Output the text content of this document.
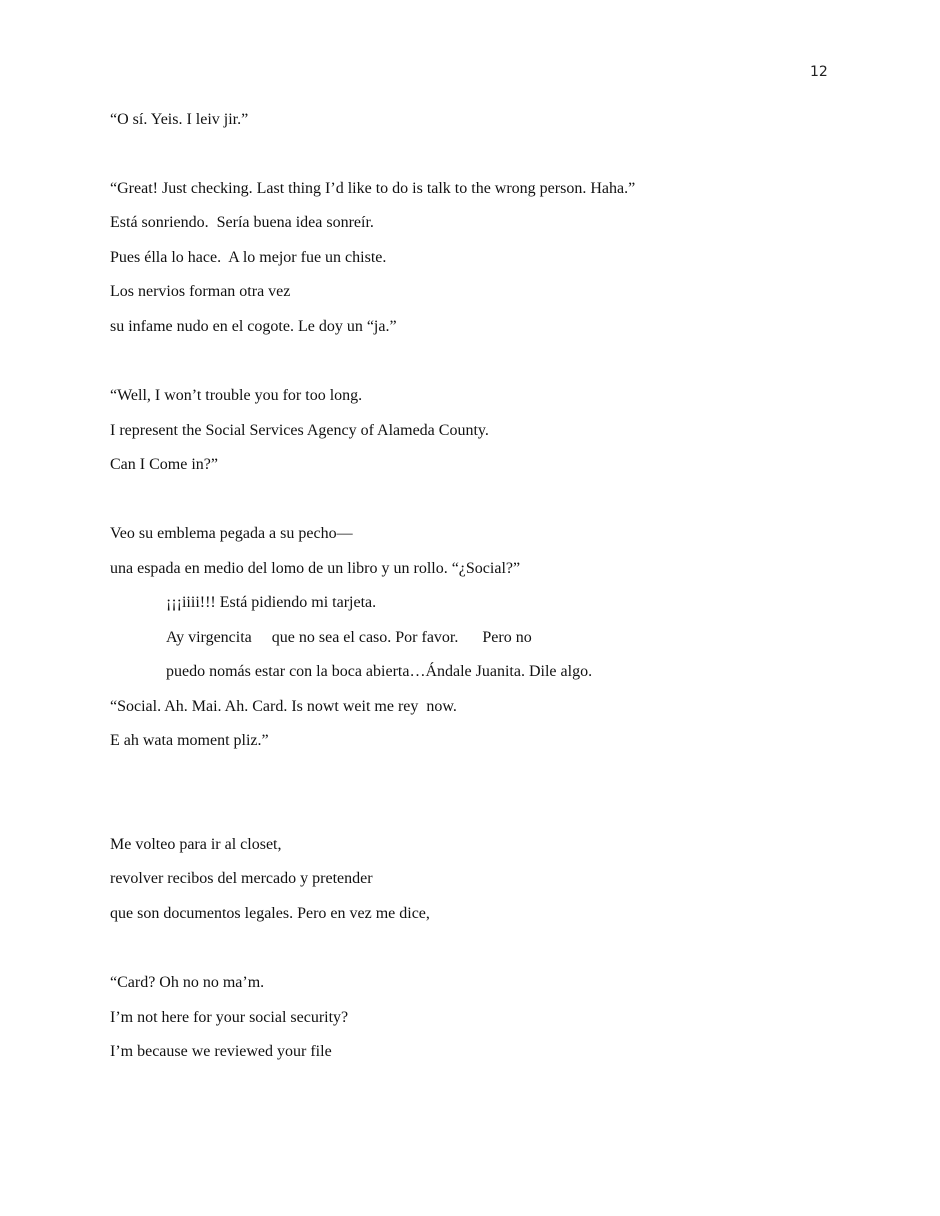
12
“O sí. Yeis. I leiv jir.”
“Great! Just checking. Last thing I’d like to do is talk to the wrong person. Haha.”
Está sonriendo.  Sería buena idea sonreír.
Pues élla lo hace.  A lo mejor fue un chiste.
Los nervios forman otra vez
su infame nudo en el cogote. Le doy un “ja.”
“Well, I won’t trouble you for too long.
I represent the Social Services Agency of Alameda County.
Can I Come in?”
Veo su emblema pegada a su pecho—
una espada en medio del lomo de un libro y un rollo. “¿Social?”
¡¡¡iiii!!! Está pidiendo mi tarjeta.
Ay virgencita     que no sea el caso. Por favor.      Pero no
puedo nomás estar con la boca abierta…Ándale Juanita. Dile algo.
“Social. Ah. Mai. Ah. Card. Is nowt weit me rey  now.
E ah wata moment pliz.”
Me volteo para ir al closet,
revolver recibos del mercado y pretender
que son documentos legales. Pero en vez me dice,
“Card? Oh no no ma’m.
I’m not here for your social security?
I’m because we reviewed your file
